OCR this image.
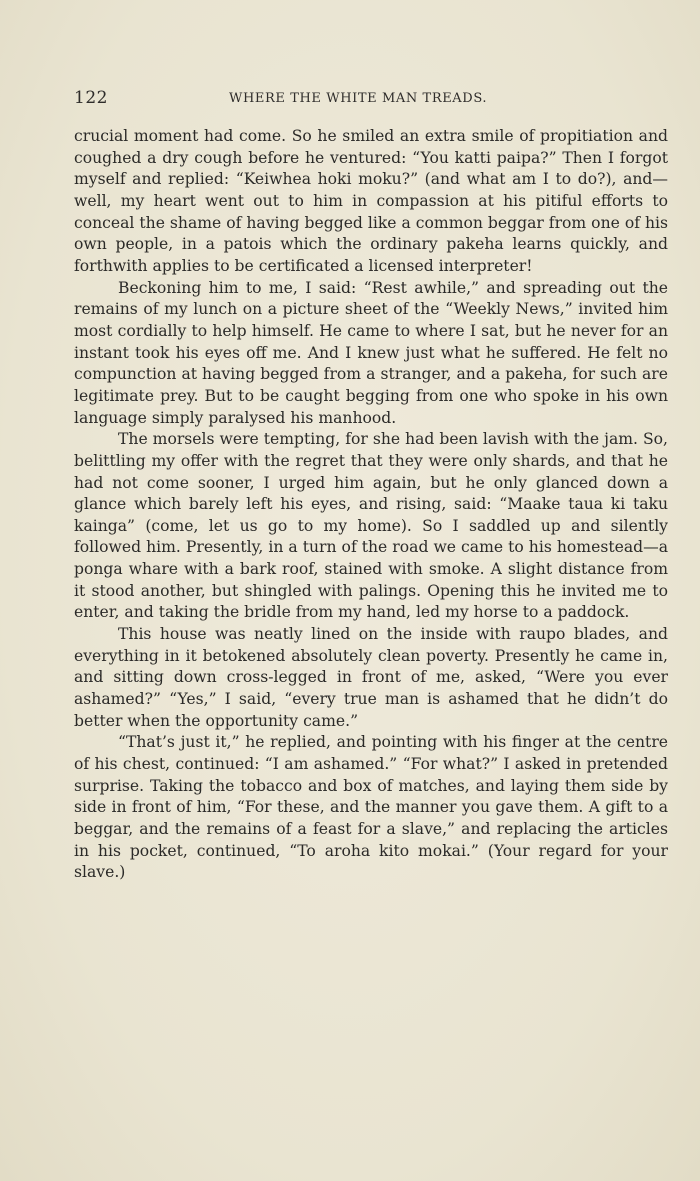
122	WHERE THE WHITE MAN TREADS.

crucial moment had come. So he smiled an extra smile of propitiation and coughed a dry cough before he ventured: “You katti paipa?” Then I forgot myself and replied: “Keiwhea hoki moku?” (and what am I to do?), and—well, my heart went out to him in compassion at his pitiful efforts to conceal the shame of having begged like a common beggar from one of his own people, in a patois which the ordinary pakeha learns quickly, and forthwith applies to be certificated a licensed interpreter!

Beckoning him to me, I said: “Rest awhile,” and spreading out the remains of my lunch on a picture sheet of the “Weekly News,” invited him most cordially to help himself. He came to where I sat, but he never for an instant took his eyes off me. And I knew just what he suffered. He felt no compunction at having begged from a stranger, and a pakeha, for such are legitimate prey. But to be caught begging from one who spoke in his own language simply paralysed his manhood.

The morsels were tempting, for she had been lavish with the jam. So, belittling my offer with the regret that they were only shards, and that he had not come sooner, I urged him again, but he only glanced down a glance which barely left his eyes, and rising, said: “Maake taua ki taku kainga” (come, let us go to my home). So I saddled up and silently followed him. Presently, in a turn of the road we came to his homestead—a ponga whare with a bark roof, stained with smoke. A slight distance from it stood another, but shingled with palings. Opening this he invited me to enter, and taking the bridle from my hand, led my horse to a paddock.

This house was neatly lined on the inside with raupo blades, and everything in it betokened absolutely clean poverty. Presently he came in, and sitting down cross-legged in front of me, asked, “Were you ever ashamed?” “Yes,” I said, “every true man is ashamed that he didn’t do better when the opportunity came.”

“That’s just it,” he replied, and pointing with his finger at the centre of his chest, continued: “I am ashamed.” “For what?” I asked in pretended surprise. Taking the tobacco and box of matches, and laying them side by side in front of him, “For these, and the manner you gave them. A gift to a beggar, and the remains of a feast for a slave,” and replacing the articles in his pocket, continued, “To aroha kito mokai.” (Your regard for your slave.)
